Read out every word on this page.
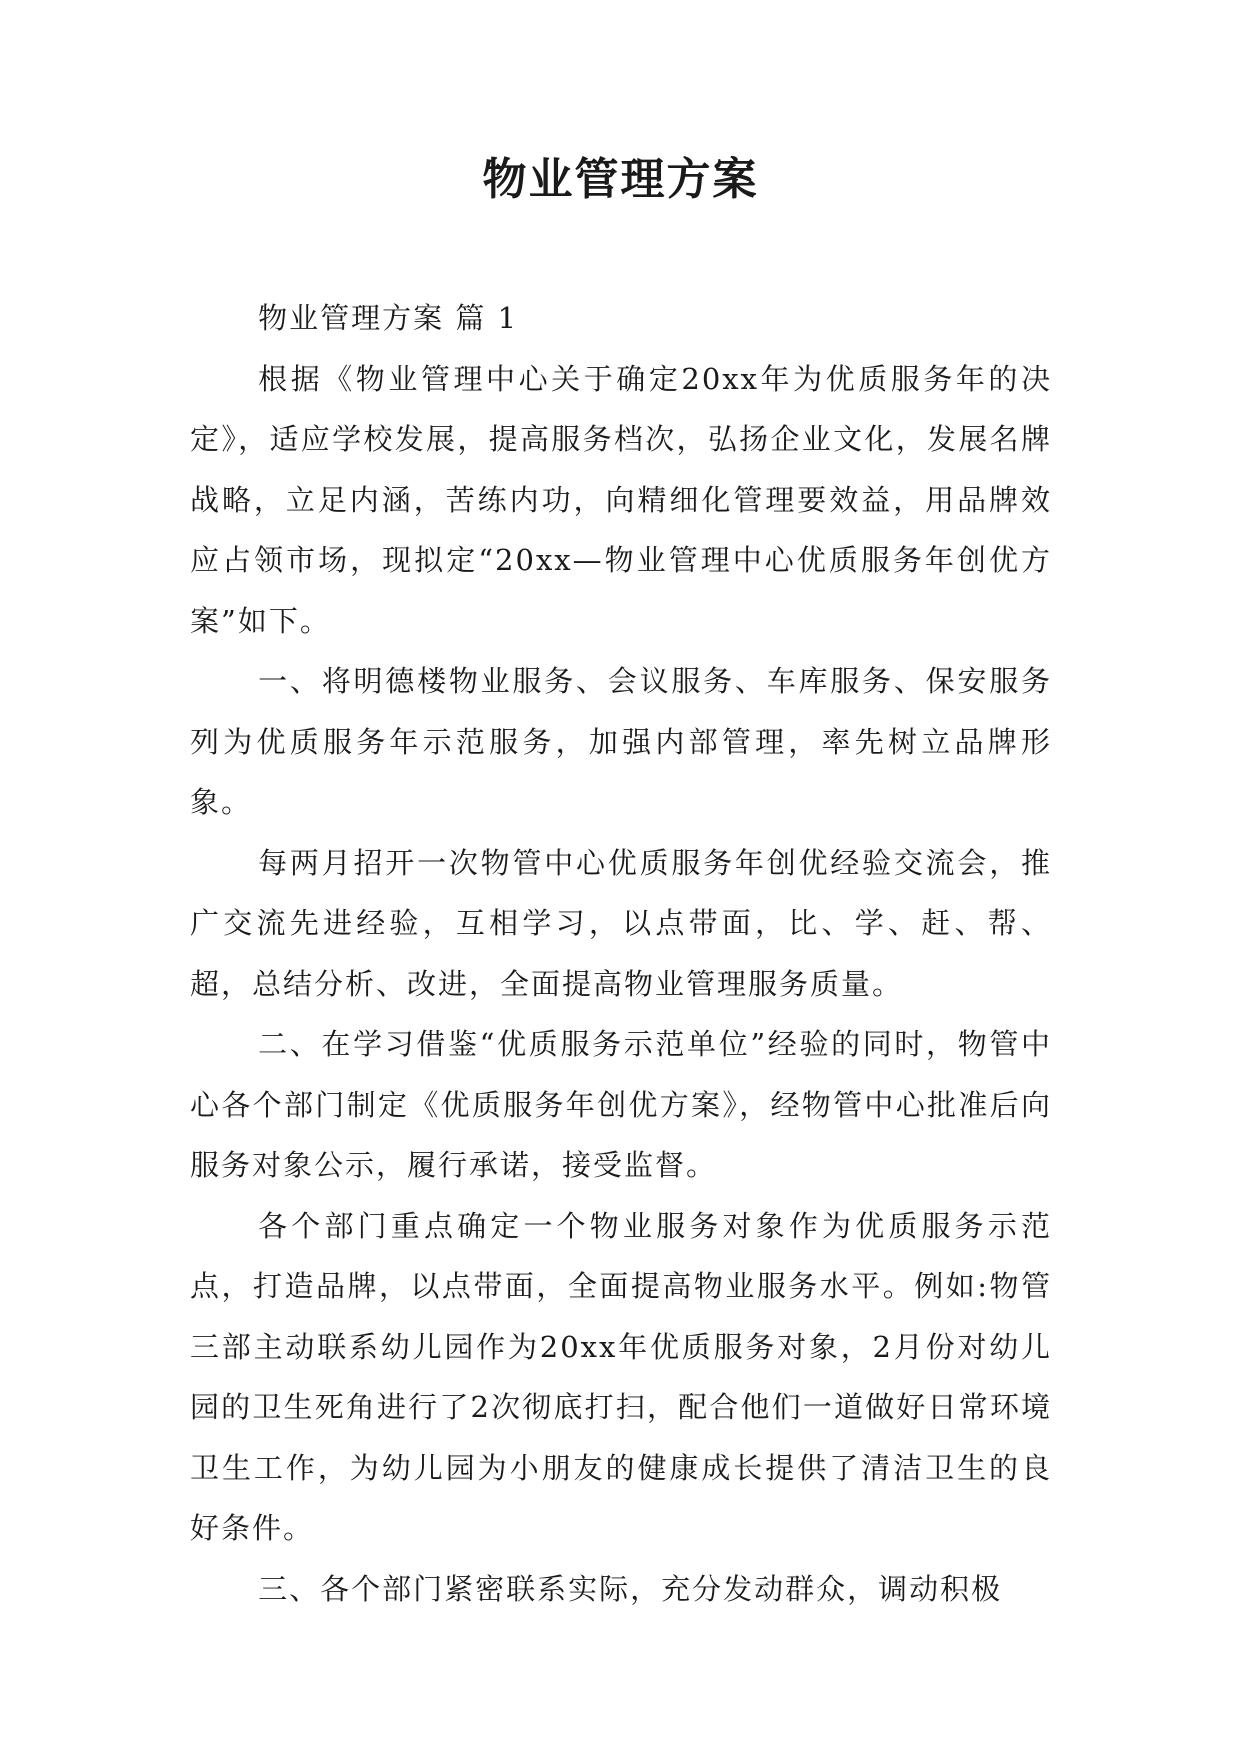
物业管理方案

物业管理方案 篇 1

根据《物业管理中心关于确定20xx年为优质服务年的决定》，适应学校发展，提高服务档次，弘扬企业文化，发展名牌战略，立足内涵，苦练内功，向精细化管理要效益，用品牌效应占领市场，现拟定“20xx—物业管理中心优质服务年创优方案”如下。

一、将明德楼物业服务、会议服务、车库服务、保安服务列为优质服务年示范服务，加强内部管理，率先树立品牌形象。

每两月招开一次物管中心优质服务年创优经验交流会，推广交流先进经验，互相学习，以点带面，比、学、赶、帮、超，总结分析、改进，全面提高物业管理服务质量。

二、在学习借鉴“优质服务示范单位”经验的同时，物管中心各个部门制定《优质服务年创优方案》，经物管中心批准后向服务对象公示，履行承诺，接受监督。

各个部门重点确定一个物业服务对象作为优质服务示范点，打造品牌，以点带面，全面提高物业服务水平。例如:物管三部主动联系幼儿园作为20xx年优质服务对象，2月份对幼儿园的卫生死角进行了2次彻底打扫，配合他们一道做好日常环境卫生工作，为幼儿园为小朋友的健康成长提供了清洁卫生的良好条件。

三、各个部门紧密联系实际，充分发动群众，调动积极
